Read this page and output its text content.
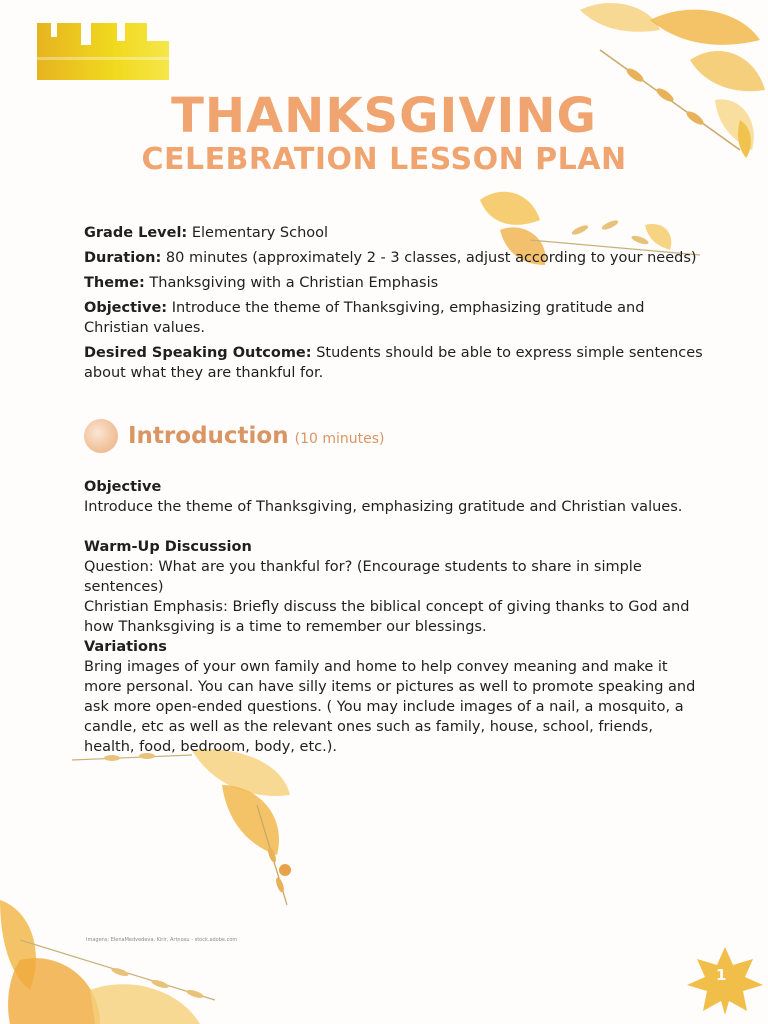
1
THANKSGIVING
CELEBRATION LESSON PLAN

Grade Level: Elementary School

Duration: 80 minutes (approximately 2 - 3 classes, adjust according to your needs)

Theme: Thanksgiving with a Christian Emphasis

Objective: Introduce the theme of Thanksgiving, emphasizing gratitude and Christian values.

Desired Speaking Outcome: Students should be able to express simple sentences about what they are thankful for.

Introduction (10 minutes)
Objective

Introduce the theme of Thanksgiving, emphasizing gratitude and Christian values.

Warm-Up Discussion

Question: What are you thankful for? (Encourage students to share in simple sentences)

Christian Emphasis: Briefly discuss the biblical concept of giving thanks to God and how Thanksgiving is a time to remember our blessings.

Variations

Bring images of your own family and home to help convey meaning and make it more personal. You can have silly items or pictures as well to promote speaking and ask more open-ended questions. ( You may include images of a nail, a mosquito, a candle, etc as well as the relevant ones such as family, house, school, friends, health, food, bedroom, body, etc.).

Imagens: ElenaMedvedeva, Kirir, Artnoxu - stock.adobe.com
